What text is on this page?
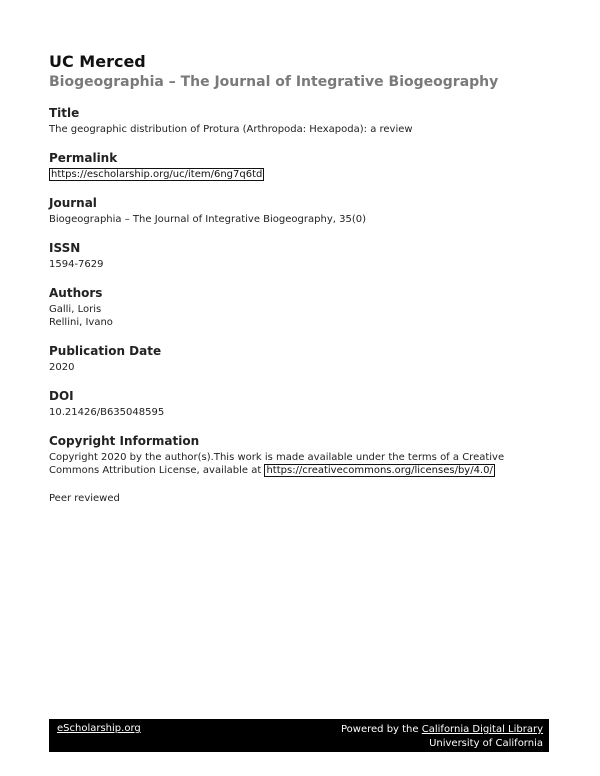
UC Merced
Biogeographia – The Journal of Integrative Biogeography
Title
The geographic distribution of Protura (Arthropoda: Hexapoda): a review
Permalink
https://escholarship.org/uc/item/6ng7q6td
Journal
Biogeographia – The Journal of Integrative Biogeography, 35(0)
ISSN
1594-7629
Authors
Galli, Loris
Rellini, Ivano
Publication Date
2020
DOI
10.21426/B635048595
Copyright Information
Copyright 2020 by the author(s).This work is made available under the terms of a Creative
Commons Attribution License, available at https://creativecommons.org/licenses/by/4.0/
Peer reviewed
eScholarship.org	Powered by the California Digital Library
University of California
